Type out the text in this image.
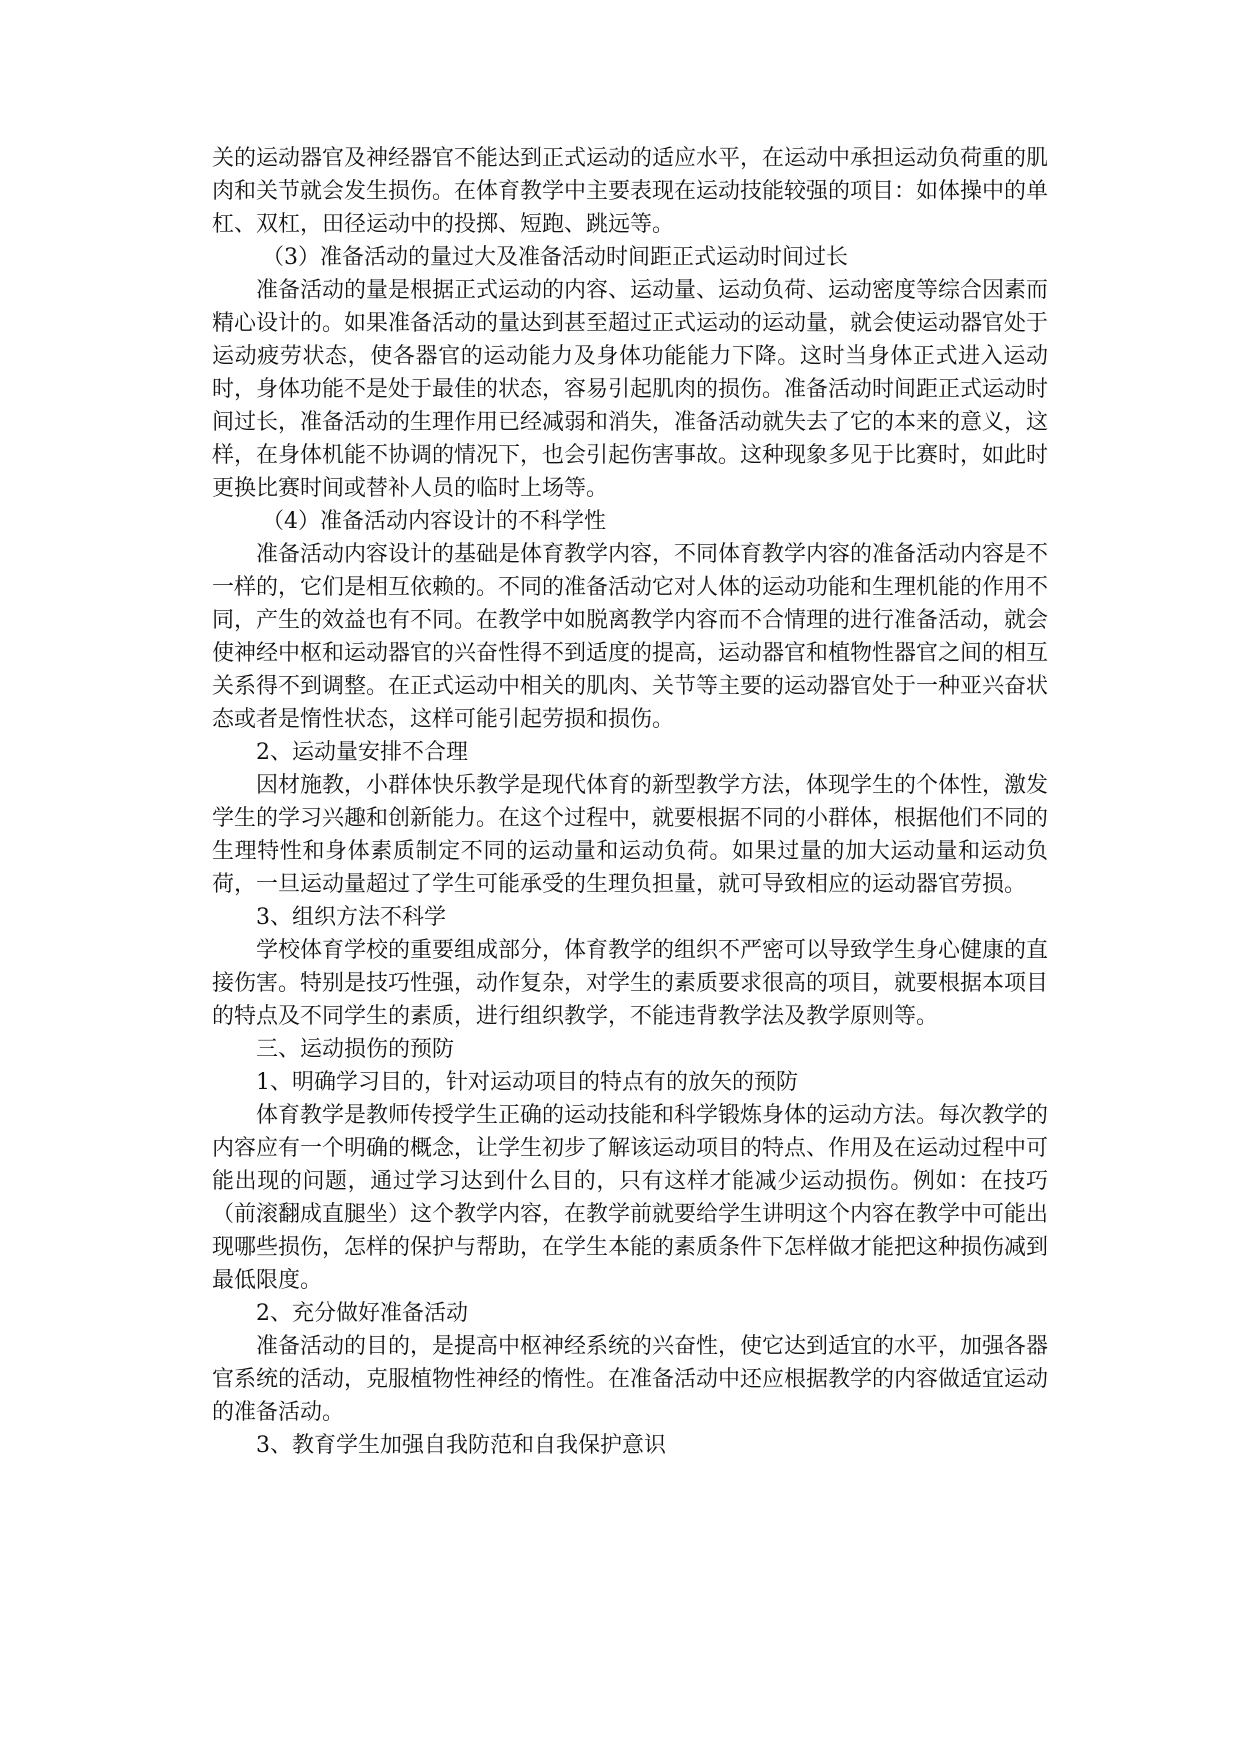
关的运动器官及神经器官不能达到正式运动的适应水平，在运动中承担运动负荷重的肌肉和关节就会发生损伤。在体育教学中主要表现在运动技能较强的项目：如体操中的单杠、双杠，田径运动中的投掷、短跑、跳远等。

（3）准备活动的量过大及准备活动时间距正式运动时间过长

准备活动的量是根据正式运动的内容、运动量、运动负荷、运动密度等综合因素而精心设计的。如果准备活动的量达到甚至超过正式运动的运动量，就会使运动器官处于运动疲劳状态，使各器官的运动能力及身体功能能力下降。这时当身体正式进入运动时，身体功能不是处于最佳的状态，容易引起肌肉的损伤。准备活动时间距正式运动时间过长，准备活动的生理作用已经减弱和消失，准备活动就失去了它的本来的意义，这样，在身体机能不协调的情况下，也会引起伤害事故。这种现象多见于比赛时，如此时更换比赛时间或替补人员的临时上场等。

（4）准备活动内容设计的不科学性

准备活动内容设计的基础是体育教学内容，不同体育教学内容的准备活动内容是不一样的，它们是相互依赖的。不同的准备活动它对人体的运动功能和生理机能的作用不同，产生的效益也有不同。在教学中如脱离教学内容而不合情理的进行准备活动，就会使神经中枢和运动器官的兴奋性得不到适度的提高，运动器官和植物性器官之间的相互关系得不到调整。在正式运动中相关的肌肉、关节等主要的运动器官处于一种亚兴奋状态或者是惰性状态，这样可能引起劳损和损伤。

2、运动量安排不合理

因材施教，小群体快乐教学是现代体育的新型教学方法，体现学生的个体性，激发学生的学习兴趣和创新能力。在这个过程中，就要根据不同的小群体，根据他们不同的生理特性和身体素质制定不同的运动量和运动负荷。如果过量的加大运动量和运动负荷，一旦运动量超过了学生可能承受的生理负担量，就可导致相应的运动器官劳损。

3、组织方法不科学

学校体育学校的重要组成部分，体育教学的组织不严密可以导致学生身心健康的直接伤害。特别是技巧性强，动作复杂，对学生的素质要求很高的项目，就要根据本项目的特点及不同学生的素质，进行组织教学，不能违背教学法及教学原则等。

三、运动损伤的预防

1、明确学习目的，针对运动项目的特点有的放矢的预防

体育教学是教师传授学生正确的运动技能和科学锻炼身体的运动方法。每次教学的内容应有一个明确的概念，让学生初步了解该运动项目的特点、作用及在运动过程中可能出现的问题，通过学习达到什么目的，只有这样才能减少运动损伤。例如：在技巧（前滚翻成直腿坐）这个教学内容，在教学前就要给学生讲明这个内容在教学中可能出现哪些损伤，怎样的保护与帮助，在学生本能的素质条件下怎样做才能把这种损伤减到最低限度。

2、充分做好准备活动

准备活动的目的，是提高中枢神经系统的兴奋性，使它达到适宜的水平，加强各器官系统的活动，克服植物性神经的惰性。在准备活动中还应根据教学的内容做适宜运动的准备活动。

3、教育学生加强自我防范和自我保护意识
